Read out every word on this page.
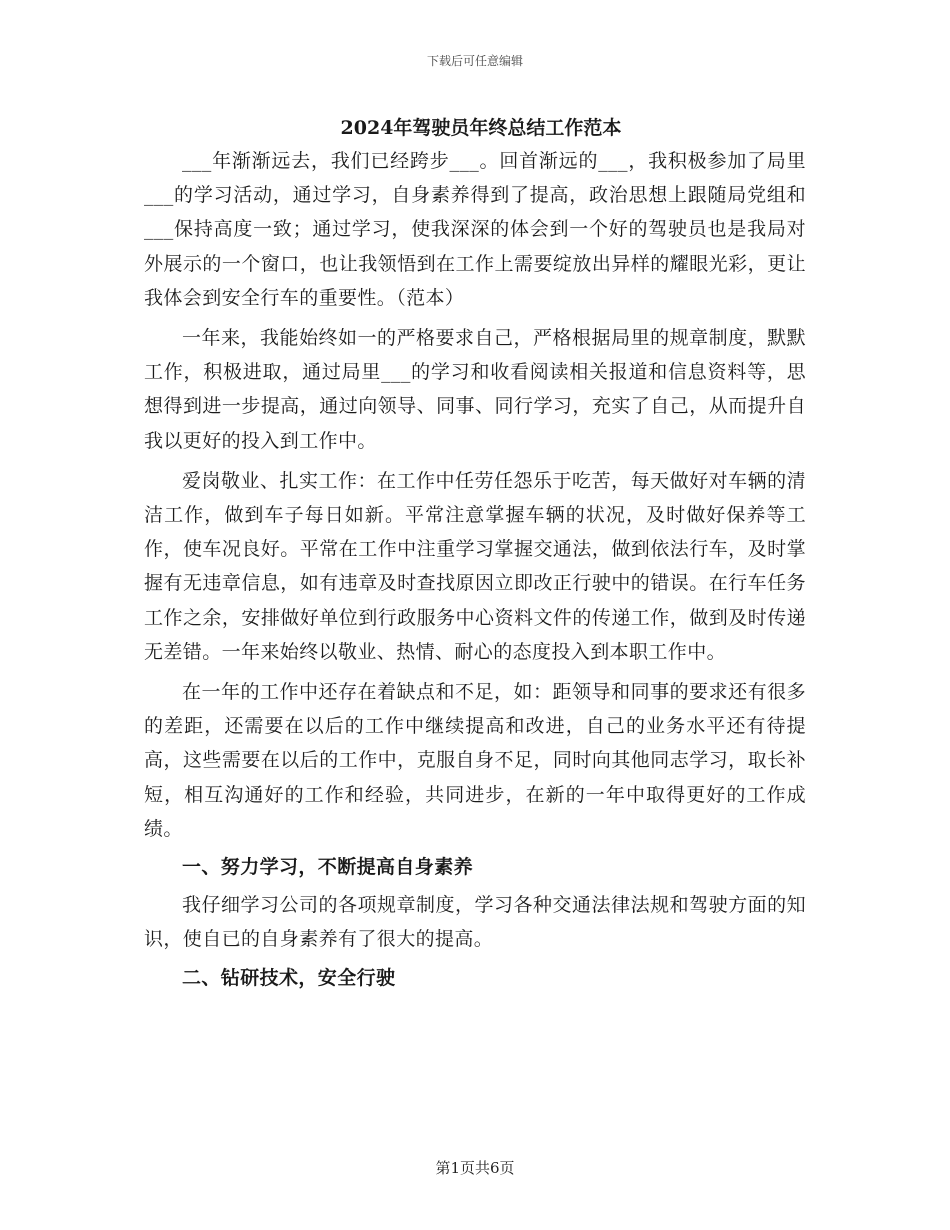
下载后可任意编辑
2024年驾驶员年终总结工作范本

___年渐渐远去，我们已经跨步___。回首渐远的___，我积极参加了局里___的学习活动，通过学习，自身素养得到了提高，政治思想上跟随局党组和___保持高度一致；通过学习，使我深深的体会到一个好的驾驶员也是我局对外展示的一个窗口，也让我领悟到在工作上需要绽放出异样的耀眼光彩，更让我体会到安全行车的重要性。（范本）

一年来，我能始终如一的严格要求自己，严格根据局里的规章制度，默默工作，积极进取，通过局里___的学习和收看阅读相关报道和信息资料等，思想得到进一步提高，通过向领导、同事、同行学习，充实了自己，从而提升自我以更好的投入到工作中。

爱岗敬业、扎实工作：在工作中任劳任怨乐于吃苦，每天做好对车辆的清洁工作，做到车子每日如新。平常注意掌握车辆的状况，及时做好保养等工作，使车况良好。平常在工作中注重学习掌握交通法，做到依法行车，及时掌握有无违章信息，如有违章及时查找原因立即改正行驶中的错误。在行车任务工作之余，安排做好单位到行政服务中心资料文件的传递工作，做到及时传递无差错。一年来始终以敬业、热情、耐心的态度投入到本职工作中。

在一年的工作中还存在着缺点和不足，如：距领导和同事的要求还有很多的差距，还需要在以后的工作中继续提高和改进，自己的业务水平还有待提高，这些需要在以后的工作中，克服自身不足，同时向其他同志学习，取长补短，相互沟通好的工作和经验，共同进步，在新的一年中取得更好的工作成绩。

一、努力学习，不断提高自身素养

我仔细学习公司的各项规章制度，学习各种交通法律法规和驾驶方面的知识，使自已的自身素养有了很大的提高。

二、钻研技术，安全行驶
第1页共6页
